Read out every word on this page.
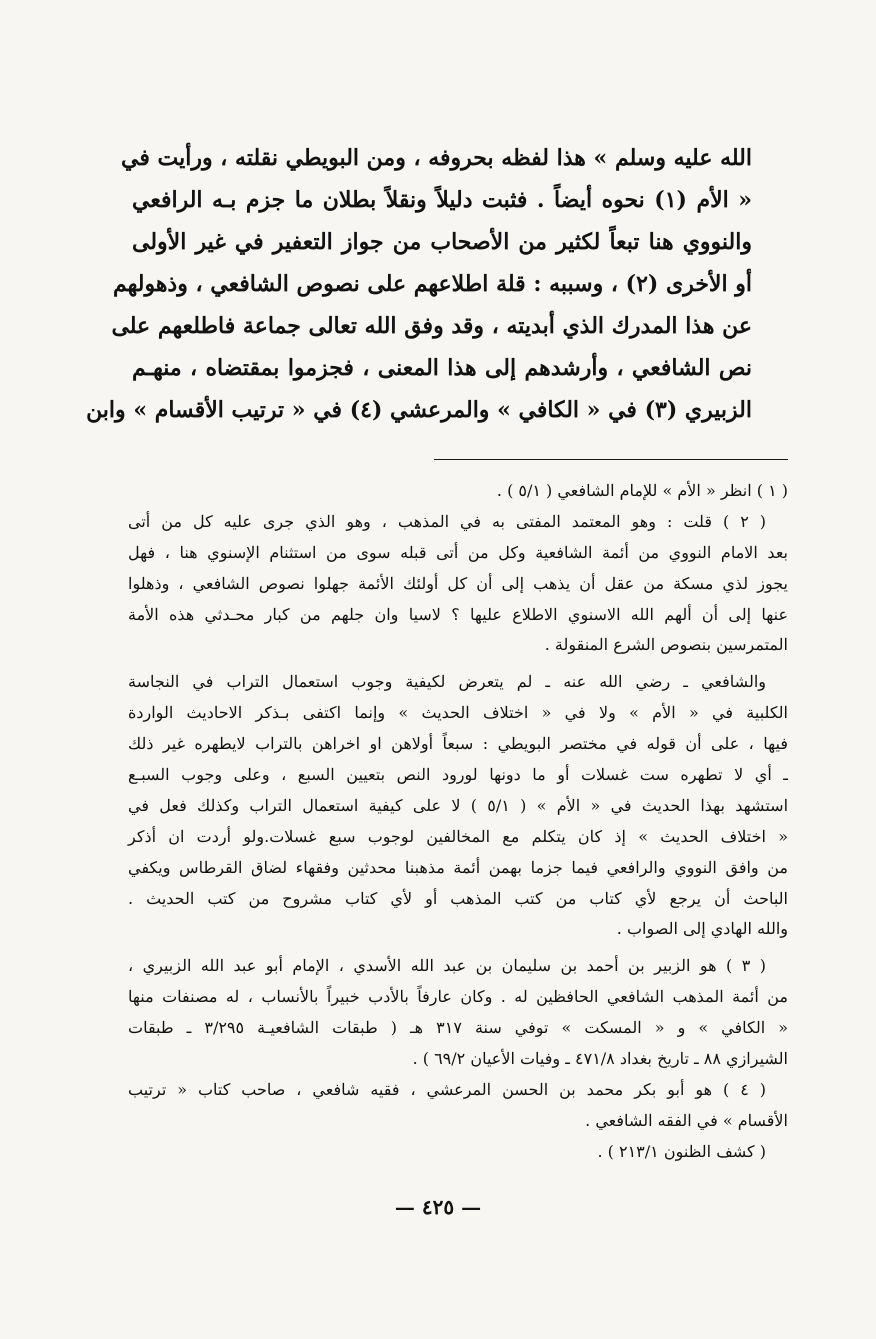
الله عليه وسلم » هذا لفظه بحروفه ، ومن البويطي نقلته ، ورأيت في
« الأم (١) نحوه أيضاً . فثبت دليلاً ونقلاً بطلان ما جزم بـه الرافعي
والنووي هنا تبعاً لكثير من الأصحاب من جواز التعفير في غير الأولى
أو الأخرى (٢) ، وسببه : قلة اطلاعهم على نصوص الشافعي ، وذهولهم
عن هذا المدرك الذي أبديته ، وقد وفق الله تعالى جماعة فاطلعهم على
نص الشافعي ، وأرشدهم إلى هذا المعنى ، فجزموا بمقتضاه ، منهـم
الزبيري (٣) في « الكافي » والمرعشي (٤) في « ترتيب الأقسام » وابن
( ١ ) انظر « الأم » للإمام الشافعي ( ٥/١ ) .
( ٢ ) قلت : وهو المعتمد المفتى به في المذهب ، وهو الذي جرى عليه كل من أتى
بعد الامام النووي من أئمة الشافعية وكل من أتى قبله سوى من استثنام الإسنوي هنا ، فهل
يجوز لذي مسكة من عقل أن يذهب إلى أن كل أولئك الأئمة جهلوا نصوص الشافعي ، وذهلوا
عنها إلى أن ألهم الله الاسنوي الاطلاع عليها ؟ لاسيا وان جلهم من كبار محـدثي هذه الأمة
المتمرسين بنصوص الشرع المنقولة .
والشافعي ـ رضي الله عنه ـ لم يتعرض لكيفية وجوب استعمال التراب في النجاسة
الكلبية في « الأم » ولا في « اختلاف الحديث » وإنما اكتفى بـذكر الاحاديث الواردة
فيها ، على أن قوله في مختصر البويطي : سبعاً أولاهن او اخراهن بالتراب لايطهره غير ذلك
ـ أي لا تطهره ست غسلات أو ما دونها لورود النص بتعيين السبع ، وعلى وجوب السبـع
استشهد بهذا الحديث في « الأم » ( ٥/١ ) لا على كيفية استعمال التراب وكذلك فعل في
« اختلاف الحديث » إذ كان يتكلم مع المخالفين لوجوب سبع غسلات.ولو أردت ان أذكر
من وافق النووي والرافعي فيما جزما بهمن أئمة مذهبنا محدثين وفقهاء لضاق القرطاس ويكفي
الباحث أن يرجع لأي كتاب من كتب المذهب أو لأي كتاب مشروح من كتب الحديث .
والله الهادي إلى الصواب .
( ٣ ) هو الزبير بن أحمد بن سليمان بن عبد الله الأسدي ، الإمام أبو عبد الله الزبيري ،
من أئمة المذهب الشافعي الحافظين له . وكان عارفاً بالأدب خبيراً بالأنساب ، له مصنفات منها
« الكافي » و « المسكت » توفي سنة ٣١٧ هـ ( طبقات الشافعيـة ٣/٢٩٥ ـ طبقات
الشيرازي ٨٨ ـ تاريخ بغداد ٤٧١/٨ ـ وفيات الأعيان ٦٩/٢ ) .
( ٤ ) هو أبو بكر محمد بن الحسن المرعشي ، فقيه شافعي ، صاحب كتاب « ترتيب
الأقسام » في الفقه الشافعي .
( كشف الظنون ٢١٣/١ ) .
— ٤٢٥ —
